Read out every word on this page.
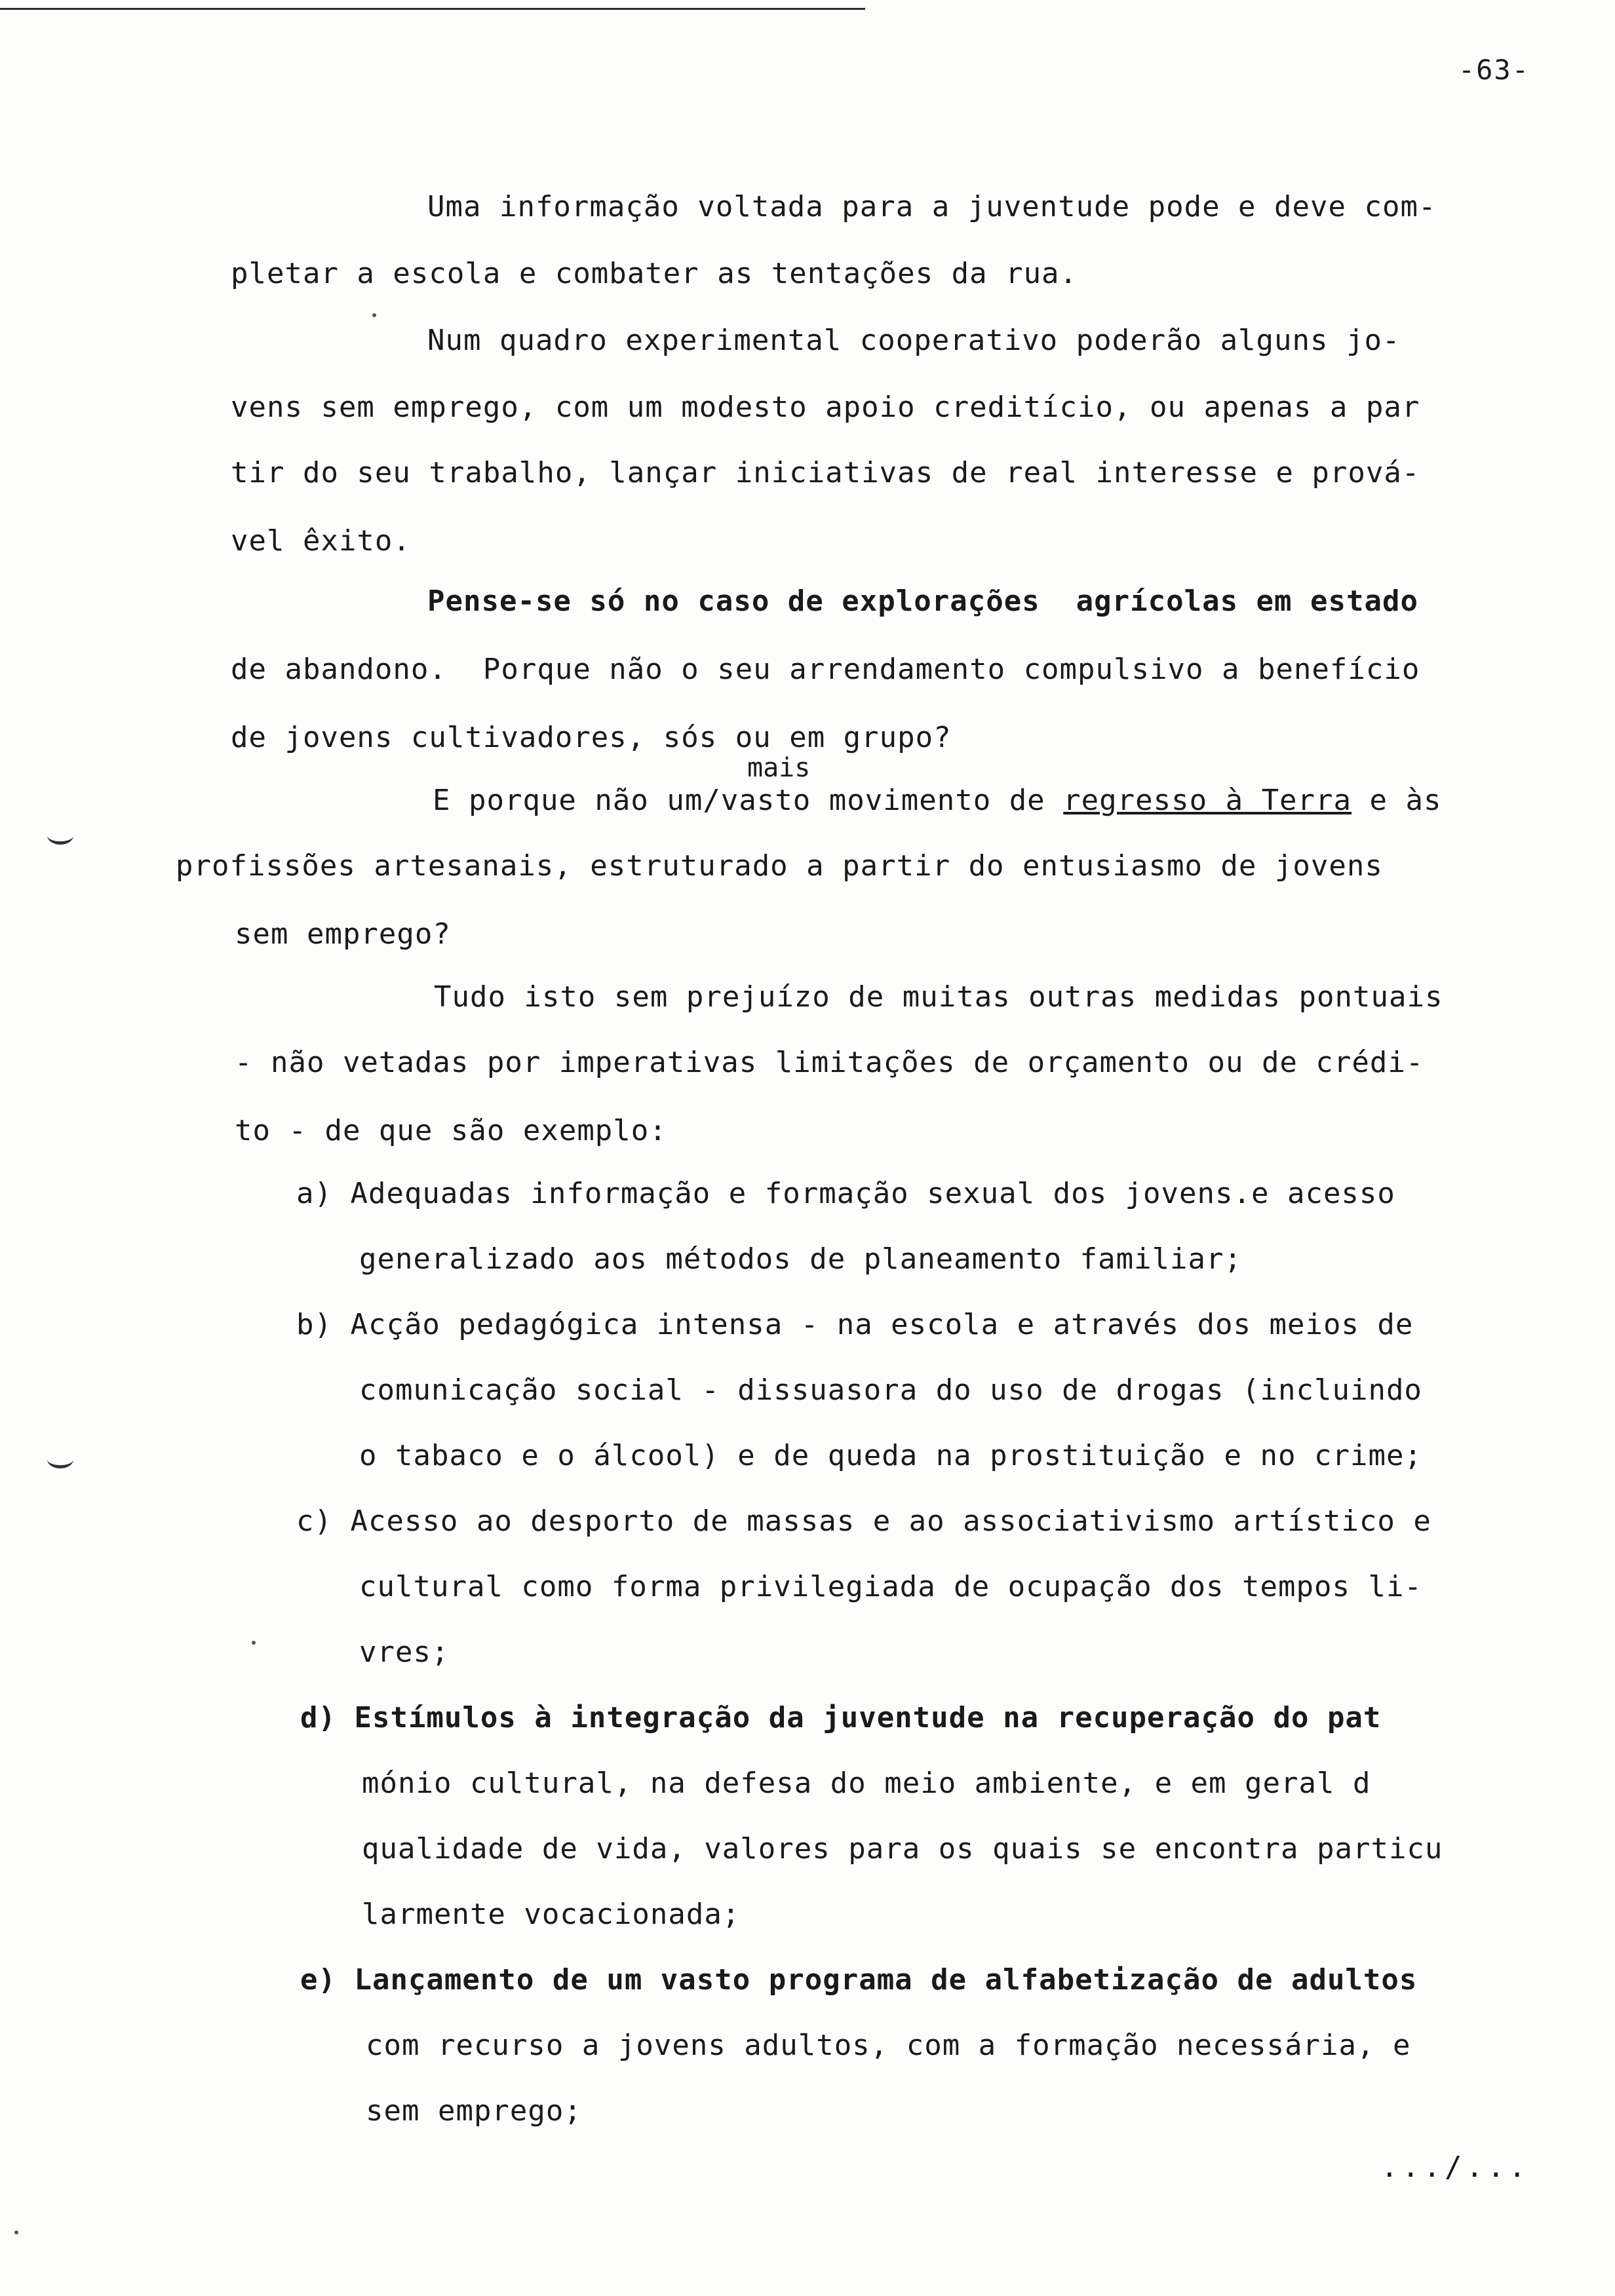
-63-
Uma informação voltada para a juventude pode e deve com-
pletar a escola e combater as tentações da rua.
Num quadro experimental cooperativo poderão alguns jo-
vens sem emprego, com um modesto apoio creditício, ou apenas a par
tir do seu trabalho, lançar iniciativas de real interesse e prová-
vel êxito.
Pense-se só no caso de explorações  agrícolas em estado
de abandono.  Porque não o seu arrendamento compulsivo a benefício
de jovens cultivadores, sós ou em grupo?
mais
E porque não um/vasto movimento de regresso à Terra e às
profissões artesanais, estruturado a partir do entusiasmo de jovens
sem emprego?
Tudo isto sem prejuízo de muitas outras medidas pontuais
- não vetadas por imperativas limitações de orçamento ou de crédi-
to - de que são exemplo:
a) Adequadas informação e formação sexual dos jovens.e acesso
generalizado aos métodos de planeamento familiar;
b) Acção pedagógica intensa - na escola e através dos meios de
comunicação social - dissuasora do uso de drogas (incluindo
o tabaco e o álcool) e de queda na prostituição e no crime;
c) Acesso ao desporto de massas e ao associativismo artístico e
cultural como forma privilegiada de ocupação dos tempos li-
vres;
d) Estímulos à integração da juventude na recuperação do pat
mónio cultural, na defesa do meio ambiente, e em geral d
qualidade de vida, valores para os quais se encontra particu
larmente vocacionada;
e) Lançamento de um vasto programa de alfabetização de adultos
com recurso a jovens adultos, com a formação necessária, e
sem emprego;
.../...
